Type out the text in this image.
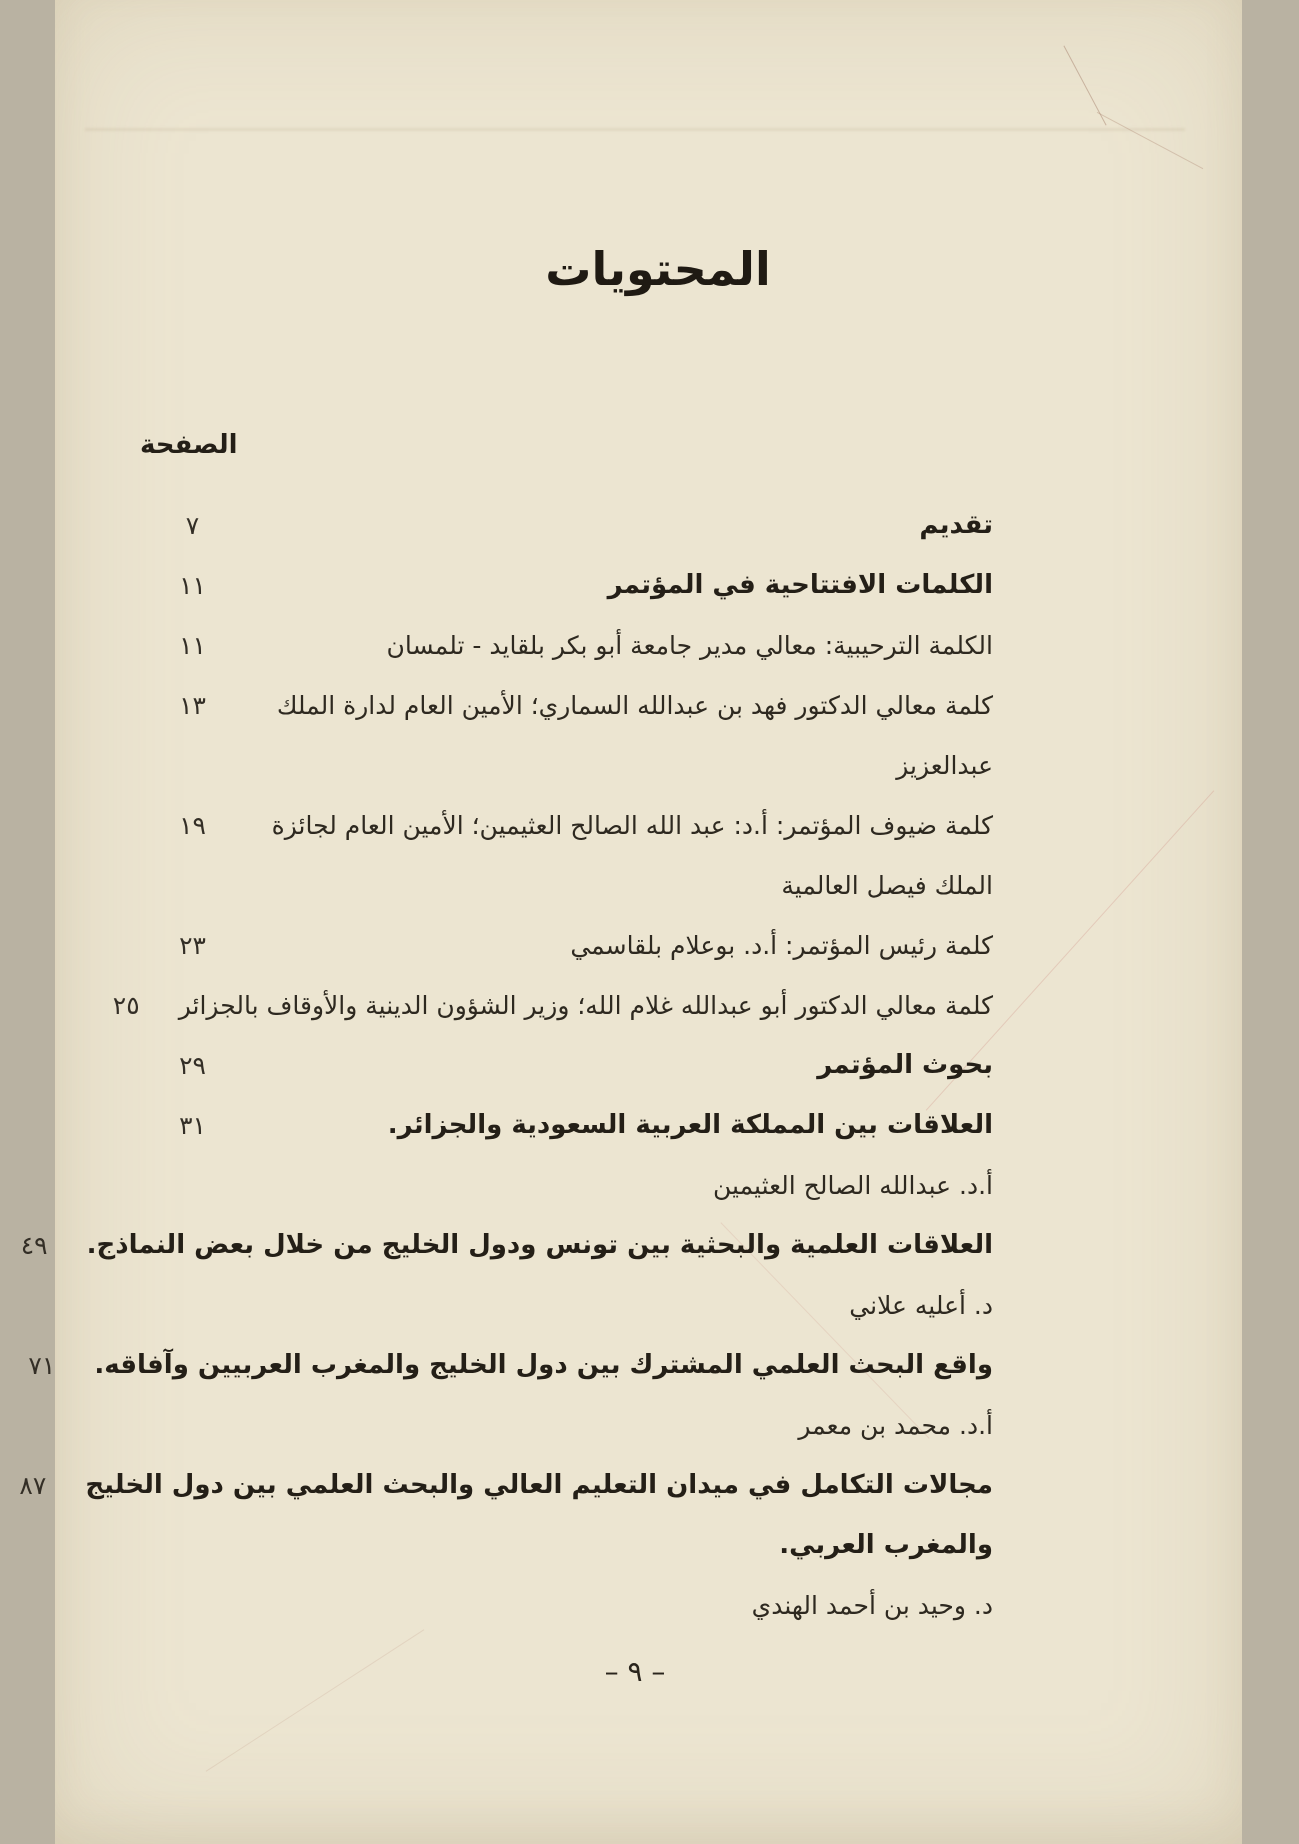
المحتويات
الصفحة
تقديم
٧
الكلمات الافتتاحية في المؤتمر
١١
الكلمة الترحيبية: معالي مدير جامعة أبو بكر بلقايد - تلمسان
١١
كلمة معالي الدكتور فهد بن عبدالله السماري؛ الأمين العام لدارة الملك
١٣
عبدالعزيز
كلمة ضيوف المؤتمر: أ.د: عبد الله الصالح العثيمين؛ الأمين العام لجائزة
١٩
الملك فيصل العالمية
كلمة رئيس المؤتمر: أ.د. بوعلام بلقاسمي
٢٣
كلمة معالي الدكتور أبو عبدالله غلام الله؛ وزير الشؤون الدينية والأوقاف بالجزائر
٢٥
بحوث المؤتمر
٢٩
العلاقات بين المملكة العربية السعودية والجزائر.
٣١
أ.د. عبدالله الصالح العثيمين
العلاقات العلمية والبحثية بين تونس ودول الخليج من خلال بعض النماذج.
٤٩
د. أعليه علاني
واقع البحث العلمي المشترك بين دول الخليج والمغرب العربيين وآفاقه.
٧١
أ.د. محمد بن معمر
مجالات التكامل في ميدان التعليم العالي والبحث العلمي بين دول الخليج
٨٧
والمغرب العربي.
د. وحيد بن أحمد الهندي
– ٩ –
